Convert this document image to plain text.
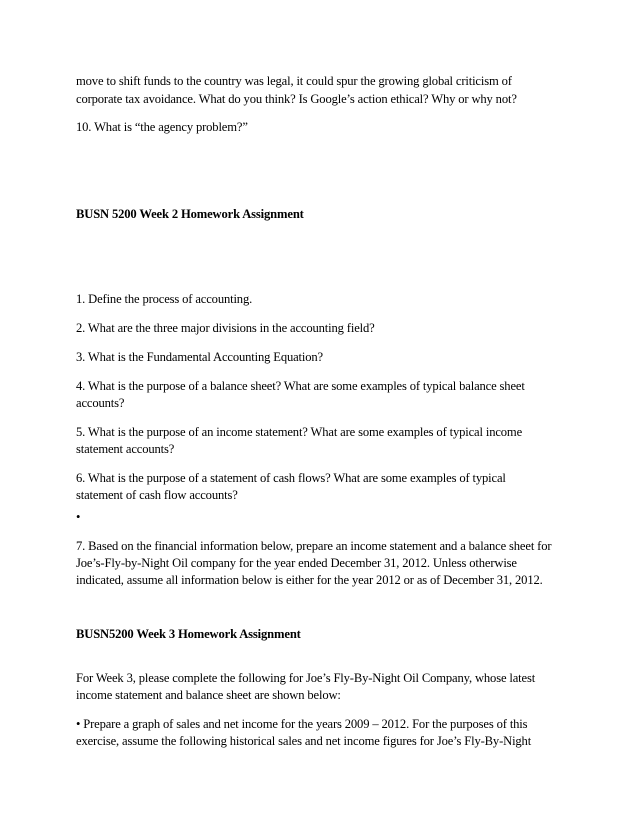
move to shift funds to the country was legal, it could spur the growing global criticism of
corporate tax avoidance. What do you think? Is Google’s action ethical? Why or why not?
10. What is “the agency problem?”
BUSN 5200 Week 2 Homework Assignment
1. Define the process of accounting.
2. What are the three major divisions in the accounting field?
3. What is the Fundamental Accounting Equation?
4. What is the purpose of a balance sheet? What are some examples of typical balance sheet
accounts?
5. What is the purpose of an income statement? What are some examples of typical income
statement accounts?
6. What is the purpose of a statement of cash flows? What are some examples of typical
statement of cash flow accounts?
•
7. Based on the financial information below, prepare an income statement and a balance sheet for
Joe’s-Fly-by-Night Oil company for the year ended December 31, 2012. Unless otherwise
indicated, assume all information below is either for the year 2012 or as of December 31, 2012.
BUSN5200 Week 3 Homework Assignment
For Week 3, please complete the following for Joe’s Fly-By-Night Oil Company, whose latest
income statement and balance sheet are shown below:
• Prepare a graph of sales and net income for the years 2009 – 2012. For the purposes of this
exercise, assume the following historical sales and net income figures for Joe’s Fly-By-Night
